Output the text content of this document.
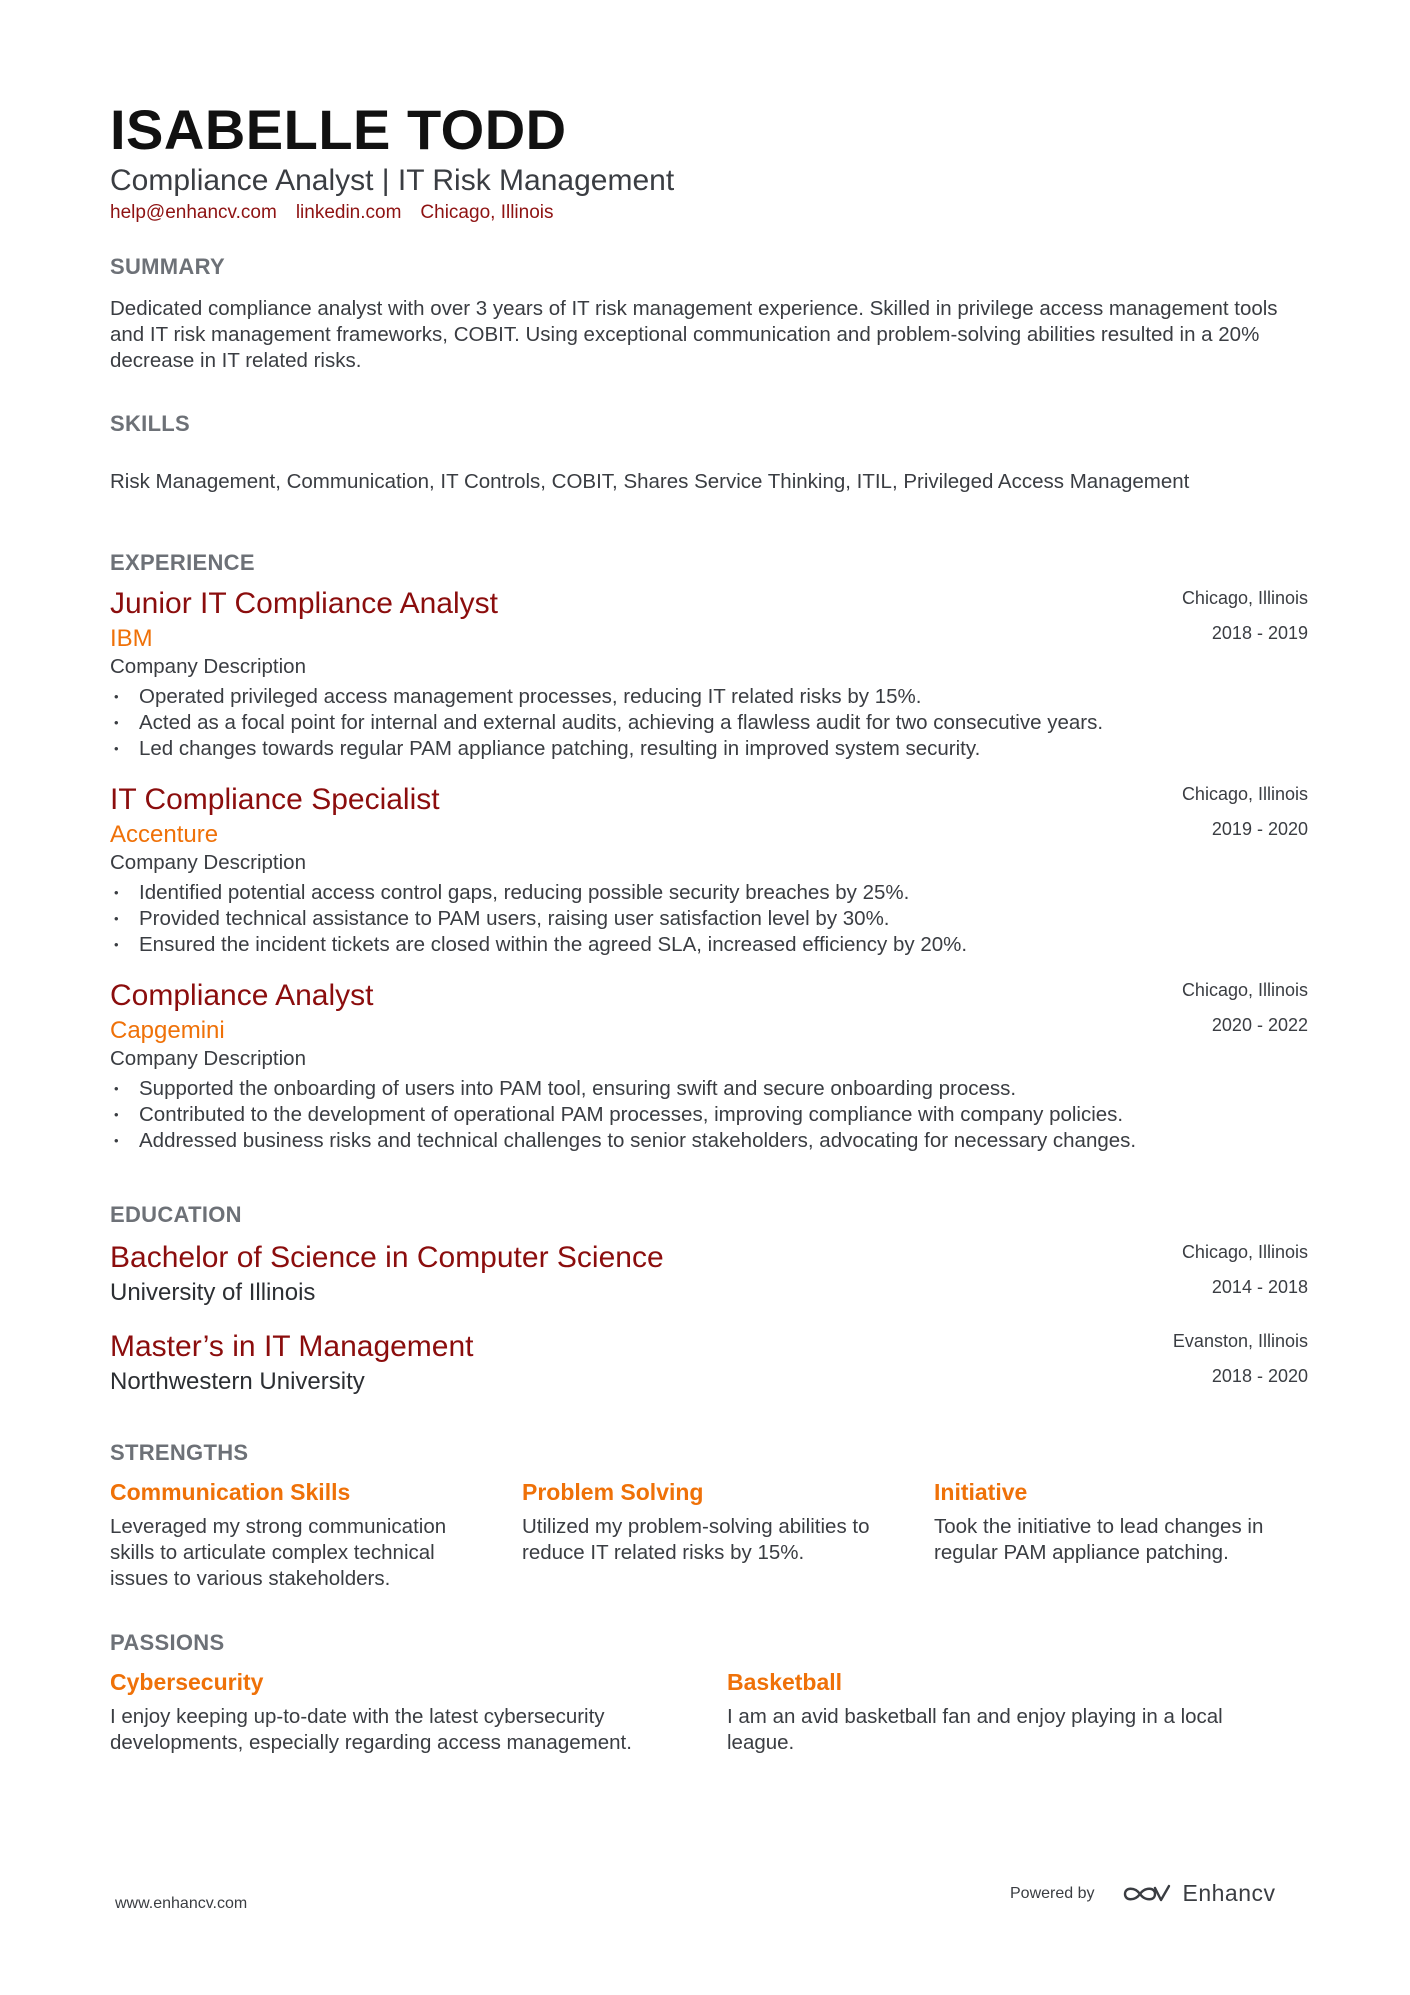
ISABELLE TODD
Compliance Analyst | IT Risk Management
help@enhancv.com linkedin.com Chicago, Illinois
SUMMARY
Dedicated compliance analyst with over 3 years of IT risk management experience. Skilled in privilege access management tools and IT risk management frameworks, COBIT. Using exceptional communication and problem-solving abilities resulted in a 20% decrease in IT related risks.
SKILLS
Risk Management, Communication, IT Controls, COBIT, Shares Service Thinking, ITIL, Privileged Access Management
EXPERIENCE
Junior IT Compliance Analyst	Chicago, Illinois
2018 - 2019
IBM
Company Description
• Operated privileged access management processes, reducing IT related risks by 15%.
• Acted as a focal point for internal and external audits, achieving a flawless audit for two consecutive years.
• Led changes towards regular PAM appliance patching, resulting in improved system security.
IT Compliance Specialist	Chicago, Illinois
2019 - 2020
Accenture
Company Description
• Identified potential access control gaps, reducing possible security breaches by 25%.
• Provided technical assistance to PAM users, raising user satisfaction level by 30%.
• Ensured the incident tickets are closed within the agreed SLA, increased efficiency by 20%.
Compliance Analyst	Chicago, Illinois
2020 - 2022
Capgemini
Company Description
• Supported the onboarding of users into PAM tool, ensuring swift and secure onboarding process.
• Contributed to the development of operational PAM processes, improving compliance with company policies.
• Addressed business risks and technical challenges to senior stakeholders, advocating for necessary changes.
EDUCATION
Bachelor of Science in Computer Science	Chicago, Illinois
2014 - 2018
University of Illinois
Master’s in IT Management	Evanston, Illinois
2018 - 2020
Northwestern University
STRENGTHS
Communication Skills
Leveraged my strong communication skills to articulate complex technical issues to various stakeholders.
Problem Solving
Utilized my problem-solving abilities to reduce IT related risks by 15%.
Initiative
Took the initiative to lead changes in regular PAM appliance patching.
PASSIONS
Cybersecurity
I enjoy keeping up-to-date with the latest cybersecurity developments, especially regarding access management.
Basketball
I am an avid basketball fan and enjoy playing in a local league.
www.enhancv.com
Powered by	Enhancv
